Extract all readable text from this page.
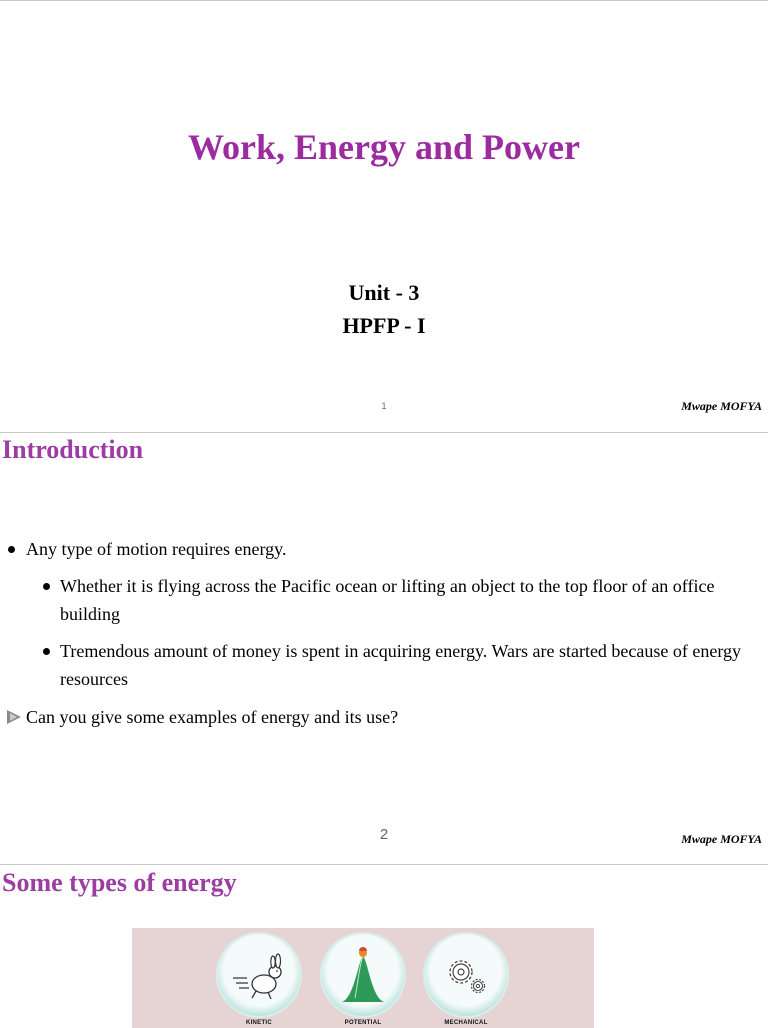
Work, Energy and Power
Unit - 3
HPFP - I
1	Mwape MOFYA
Introduction
Any type of motion requires energy.
Whether it is flying across the Pacific ocean or lifting an object to the top floor of an office building
Tremendous amount of money is spent in acquiring energy. Wars are started because of energy resources
Can you give some examples of energy and its use?
2	Mwape MOFYA
Some types of energy
KINETIC	POTENTIAL	MECHANICAL
